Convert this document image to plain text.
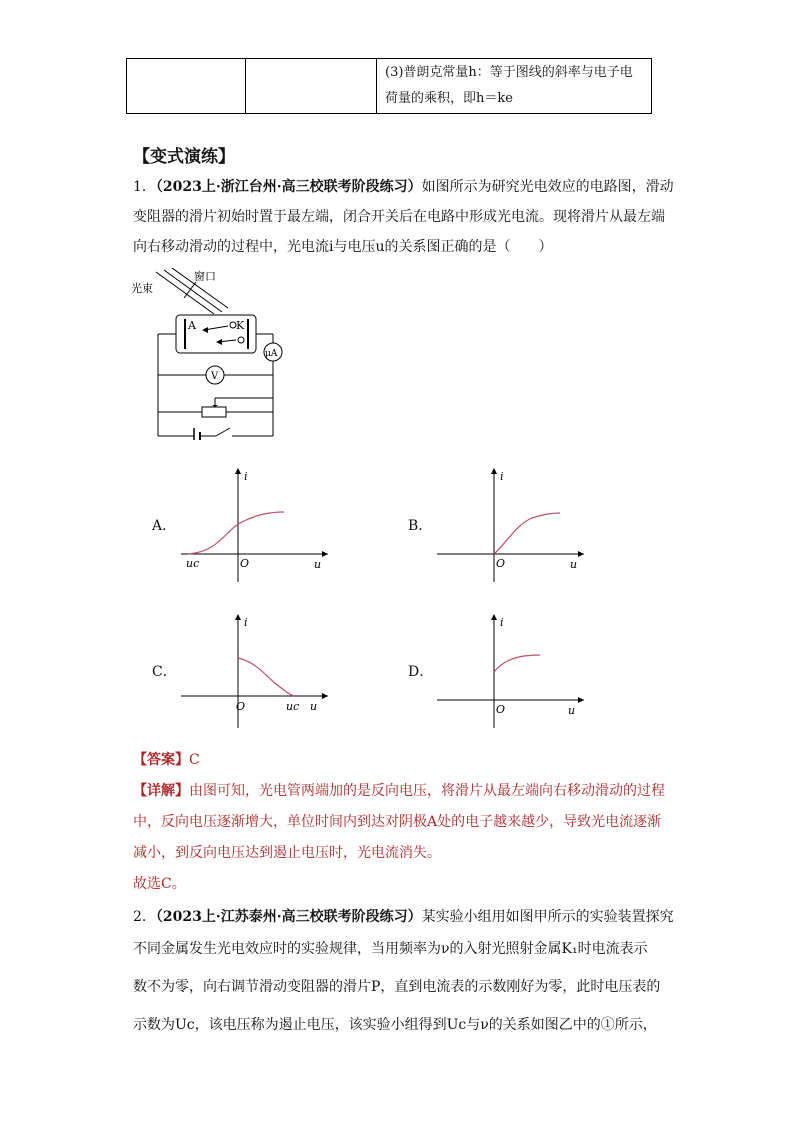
(3)普朗克常量h：等于图线的斜率与电子电
荷量的乘积，即h＝ke
【变式演练】
1．（2023上·浙江台州·高三校联考阶段练习）如图所示为研究光电效应的电路图，滑动
变阻器的滑片初始时置于最左端，闭合开关后在电路中形成光电流。现将滑片从最左端
向右移动滑动的过程中，光电流i与电压u的关系图正确的是（　　）
光束
窗口
A	K
μA
V
A．
i
u
O
uc
B．
i
u
O
C．
i
u
O	uc
D．
i
u
O
【答案】C
【详解】由图可知，光电管两端加的是反向电压，将滑片从最左端向右移动滑动的过程
中，反向电压逐渐增大，单位时间内到达对阴极A处的电子越来越少，导致光电流逐渐
减小，到反向电压达到遏止电压时，光电流消失。
故选C。
2．（2023上·江苏泰州·高三校联考阶段练习）某实验小组用如图甲所示的实验装置探究
不同金属发生光电效应时的实验规律，当用频率为ν的入射光照射金属K₁时电流表示
数不为零，向右调节滑动变阻器的滑片P，直到电流表的示数刚好为零，此时电压表的
示数为Uc，该电压称为遏止电压，该实验小组得到Uc与ν的关系如图乙中的①所示，
